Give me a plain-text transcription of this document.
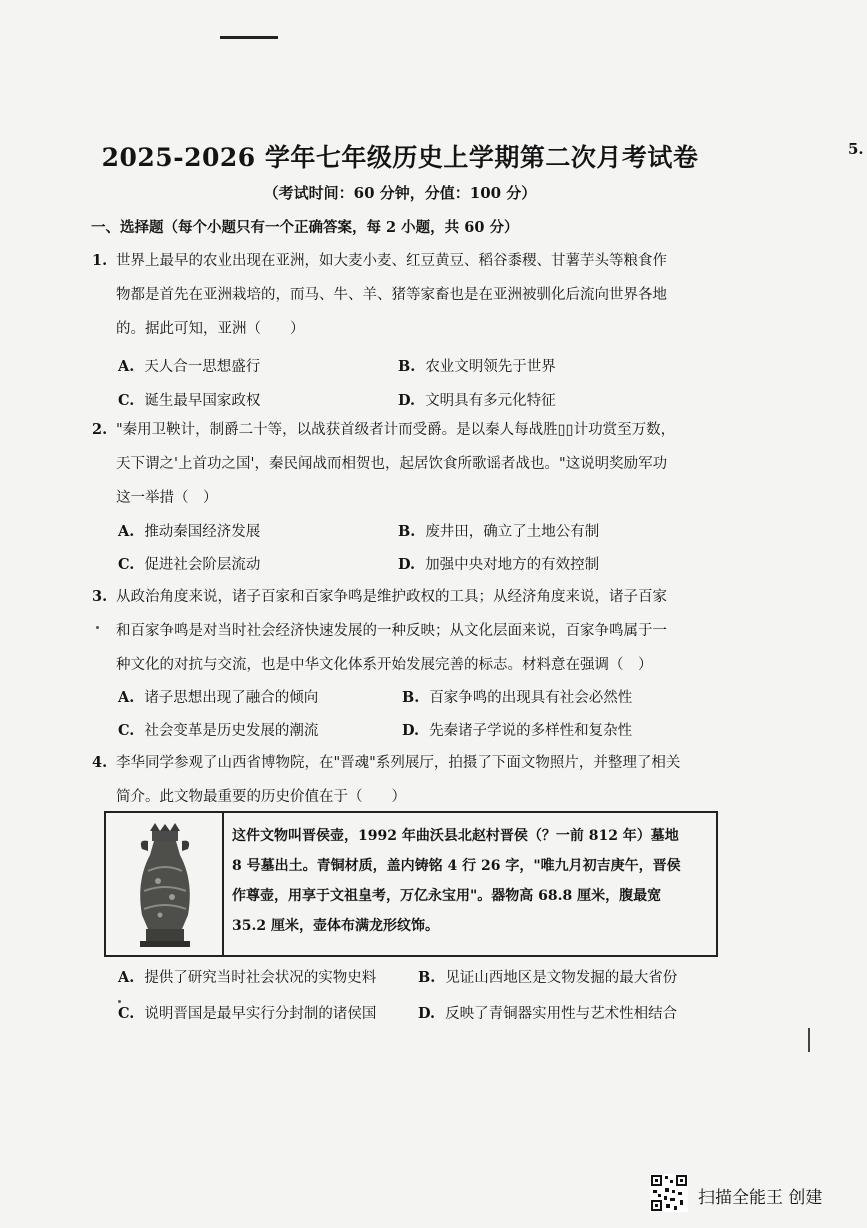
5.
2025-2026 学年七年级历史上学期第二次月考试卷
（考试时间：60 分钟，分值：100 分）
一、选择题（每个小题只有一个正确答案，每 2 小题，共 60 分）
1. 世界上最早的农业出现在亚洲，如大麦小麦、红豆黄豆、稻谷黍稷、甘薯芋头等粮食作
物都是首先在亚洲栽培的，而马、牛、羊、猪等家畜也是在亚洲被驯化后流向世界各地
的。据此可知，亚洲（　　）
A. 天人合一思想盛行	B. 农业文明领先于世界
C. 诞生最早国家政权	D. 文明具有多元化特征
2. "秦用卫鞅计，制爵二十等，以战获首级者计而受爵。是以秦人每战胜▯▯计功赏至万数，
天下谓之'上首功之国'，秦民闻战而相贺也，起居饮食所歌谣者战也。"这说明奖励军功
这一举措（　）
A. 推动秦国经济发展	B. 废井田，确立了土地公有制
C. 促进社会阶层流动	D. 加强中央对地方的有效控制
3. 从政治角度来说，诸子百家和百家争鸣是维护政权的工具；从经济角度来说，诸子百家
和百家争鸣是对当时社会经济快速发展的一种反映；从文化层面来说，百家争鸣属于一
种文化的对抗与交流，也是中华文化体系开始发展完善的标志。材料意在强调（　）
A. 诸子思想出现了融合的倾向	B. 百家争鸣的出现具有社会必然性
C. 社会变革是历史发展的潮流	D. 先秦诸子学说的多样性和复杂性
4. 李华同学参观了山西省博物院，在"晋魂"系列展厅，拍摄了下面文物照片，并整理了相关
简介。此文物最重要的历史价值在于（　　）
这件文物叫晋侯壶，1992 年曲沃县北赵村晋侯（？一前 812 年）墓地
8 号墓出土。青铜材质，盖内铸铭 4 行 26 字，"唯九月初吉庚午，晋侯
作尊壶，用享于文祖皇考，万亿永宝用"。器物高 68.8 厘米，腹最宽
35.2 厘米，壶体布满龙形纹饰。
A. 提供了研究当时社会状况的实物史料	B. 见证山西地区是文物发掘的最大省份
C. 说明晋国是最早实行分封制的诸侯国	D. 反映了青铜器实用性与艺术性相结合
扫描全能王 创建
